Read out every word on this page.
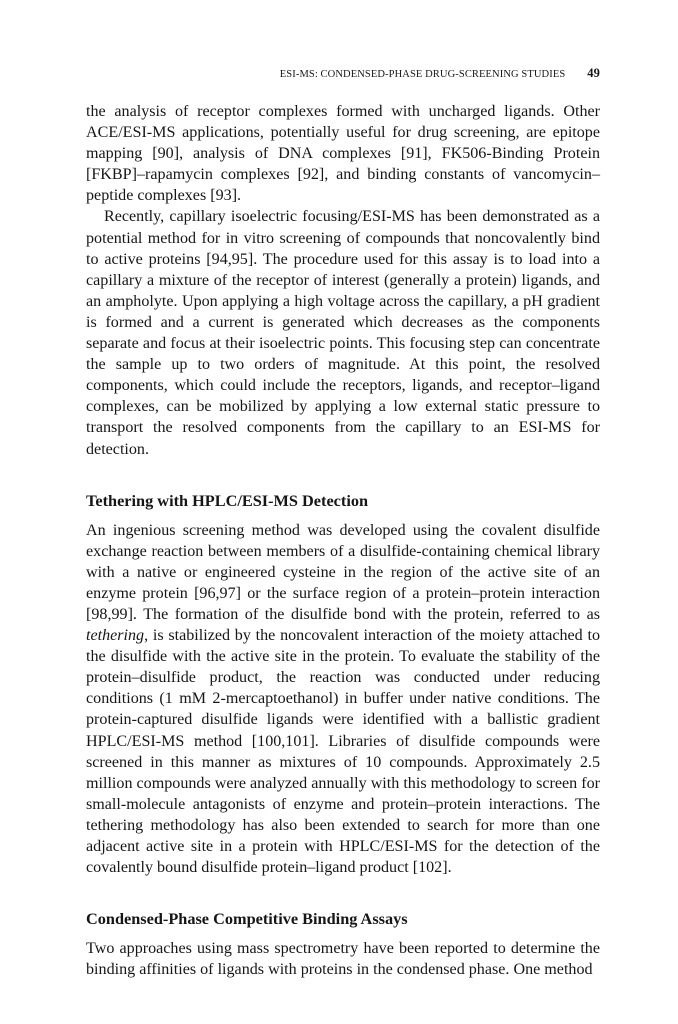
ESI-MS: CONDENSED-PHASE DRUG-SCREENING STUDIES 49

the analysis of receptor complexes formed with uncharged ligands. Other ACE/ESI-MS applications, potentially useful for drug screening, are epitope mapping [90], analysis of DNA complexes [91], FK506-Binding Protein [FKBP]–rapamycin complexes [92], and binding constants of vancomycin–peptide complexes [93].

Recently, capillary isoelectric focusing/ESI-MS has been demonstrated as a potential method for in vitro screening of compounds that noncovalently bind to active proteins [94,95]. The procedure used for this assay is to load into a capillary a mixture of the receptor of interest (generally a protein) ligands, and an ampholyte. Upon applying a high voltage across the capillary, a pH gradient is formed and a current is generated which decreases as the components separate and focus at their isoelectric points. This focusing step can concentrate the sample up to two orders of magnitude. At this point, the resolved components, which could include the receptors, ligands, and receptor–ligand complexes, can be mobilized by applying a low external static pressure to transport the resolved components from the capillary to an ESI-MS for detection.

Tethering with HPLC/ESI-MS Detection

An ingenious screening method was developed using the covalent disulfide exchange reaction between members of a disulfide-containing chemical library with a native or engineered cysteine in the region of the active site of an enzyme protein [96,97] or the surface region of a protein–protein interaction [98,99]. The formation of the disulfide bond with the protein, referred to as tethering, is stabilized by the noncovalent interaction of the moiety attached to the disulfide with the active site in the protein. To evaluate the stability of the protein–disulfide product, the reaction was conducted under reducing conditions (1 mM 2-mercaptoethanol) in buffer under native conditions. The protein-captured disulfide ligands were identified with a ballistic gradient HPLC/ESI-MS method [100,101]. Libraries of disulfide compounds were screened in this manner as mixtures of 10 compounds. Approximately 2.5 million compounds were analyzed annually with this methodology to screen for small-molecule antagonists of enzyme and protein–protein interactions. The tethering methodology has also been extended to search for more than one adjacent active site in a protein with HPLC/ESI-MS for the detection of the covalently bound disulfide protein–ligand product [102].

Condensed-Phase Competitive Binding Assays

Two approaches using mass spectrometry have been reported to determine the binding affinities of ligands with proteins in the condensed phase. One method
